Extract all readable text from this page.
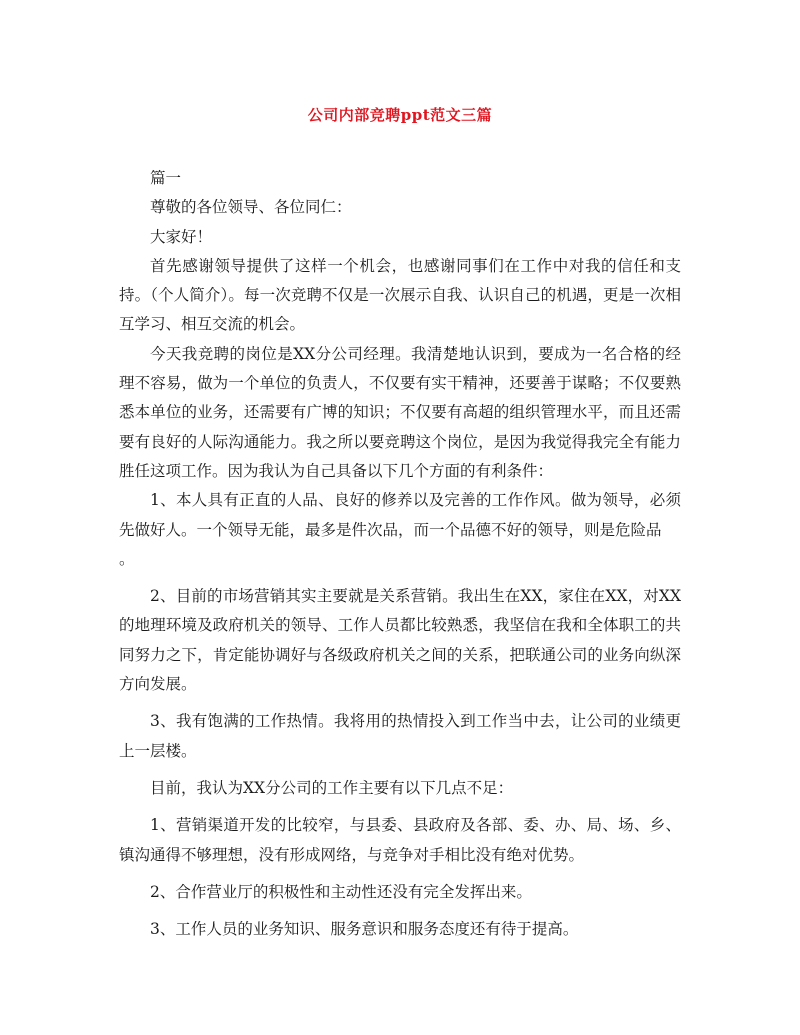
公司内部竞聘ppt范文三篇

篇一

尊敬的各位领导、各位同仁：

大家好！

首先感谢领导提供了这样一个机会，也感谢同事们在工作中对我的信任和支持。（个人简介）。每一次竞聘不仅是一次展示自我、认识自己的机遇，更是一次相互学习、相互交流的机会。

今天我竞聘的岗位是XX分公司经理。我清楚地认识到，要成为一名合格的经理不容易，做为一个单位的负责人，不仅要有实干精神，还要善于谋略；不仅要熟悉本单位的业务，还需要有广博的知识；不仅要有高超的组织管理水平，而且还需要有良好的人际沟通能力。我之所以要竞聘这个岗位，是因为我觉得我完全有能力胜任这项工作。因为我认为自己具备以下几个方面的有利条件：

1、本人具有正直的人品、良好的修养以及完善的工作作风。做为领导，必须先做好人。一个领导无能，最多是件次品，而一个品德不好的领导，则是危险品

。

2、目前的市场营销其实主要就是关系营销。我出生在XX，家住在XX，对XX的地理环境及政府机关的领导、工作人员都比较熟悉，我坚信在我和全体职工的共同努力之下，肯定能协调好与各级政府机关之间的关系，把联通公司的业务向纵深方向发展。

3、我有饱满的工作热情。我将用的热情投入到工作当中去，让公司的业绩更上一层楼。

目前，我认为XX分公司的工作主要有以下几点不足：

1、营销渠道开发的比较窄，与县委、县政府及各部、委、办、局、场、乡、镇沟通得不够理想，没有形成网络，与竞争对手相比没有绝对优势。

2、合作营业厅的积极性和主动性还没有完全发挥出来。

3、工作人员的业务知识、服务意识和服务态度还有待于提高。
